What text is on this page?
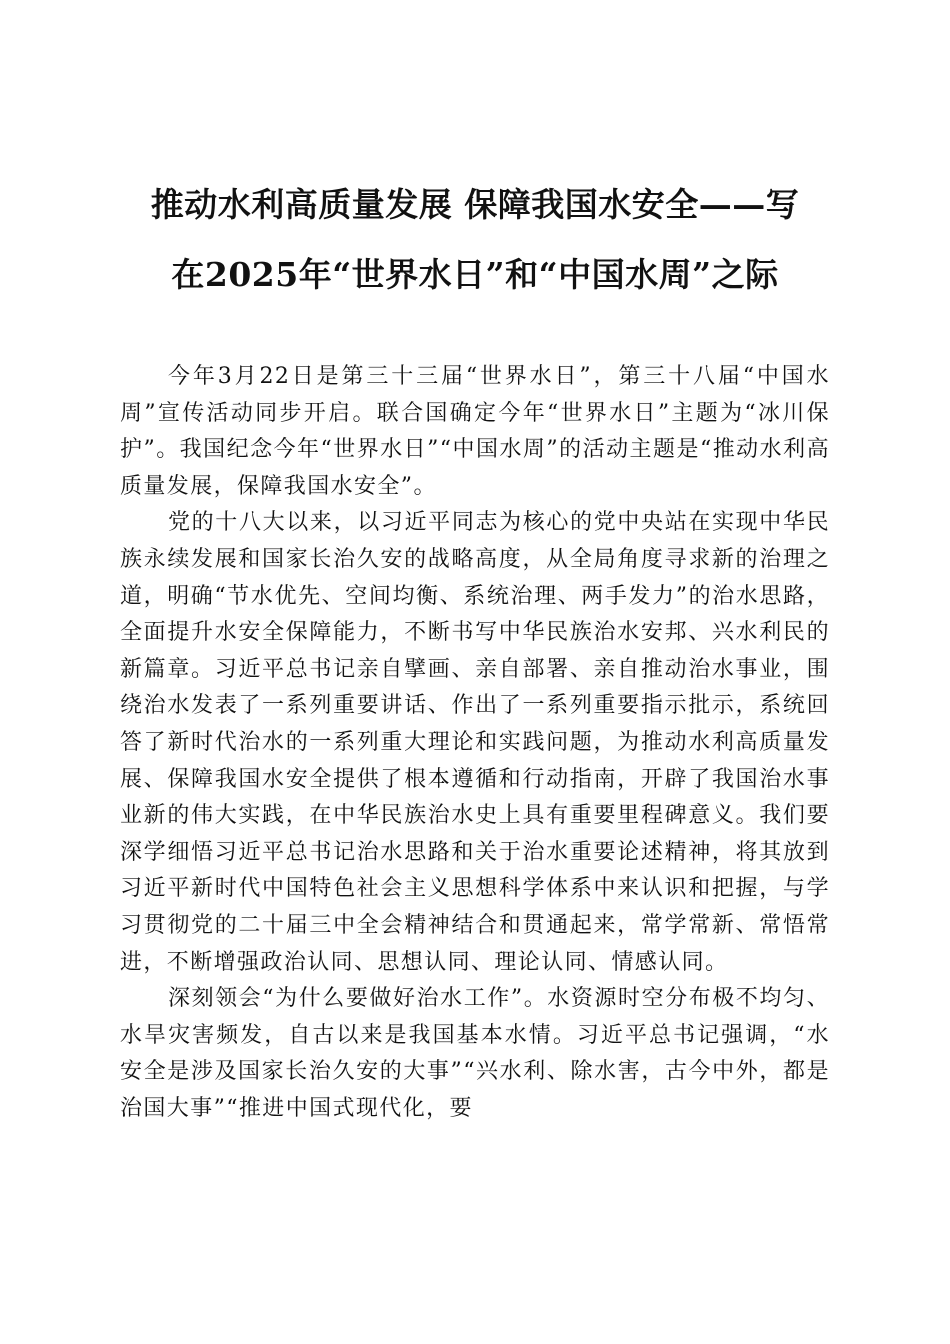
推动水利高质量发展 保障我国水安全——写
在2025年“世界水日”和“中国水周”之际

今年3月22日是第三十三届“世界水日”，第三十八届“中国水周”宣传活动同步开启。联合国确定今年“世界水日”主题为“冰川保护”。我国纪念今年“世界水日”“中国水周”的活动主题是“推动水利高质量发展，保障我国水安全”。

党的十八大以来，以习近平同志为核心的党中央站在实现中华民族永续发展和国家长治久安的战略高度，从全局角度寻求新的治理之道，明确“节水优先、空间均衡、系统治理、两手发力”的治水思路，全面提升水安全保障能力，不断书写中华民族治水安邦、兴水利民的新篇章。习近平总书记亲自擘画、亲自部署、亲自推动治水事业，围绕治水发表了一系列重要讲话、作出了一系列重要指示批示，系统回答了新时代治水的一系列重大理论和实践问题，为推动水利高质量发展、保障我国水安全提供了根本遵循和行动指南，开辟了我国治水事业新的伟大实践，在中华民族治水史上具有重要里程碑意义。我们要深学细悟习近平总书记治水思路和关于治水重要论述精神，将其放到习近平新时代中国特色社会主义思想科学体系中来认识和把握，与学习贯彻党的二十届三中全会精神结合和贯通起来，常学常新、常悟常进，不断增强政治认同、思想认同、理论认同、情感认同。

深刻领会“为什么要做好治水工作”。水资源时空分布极不均匀、水旱灾害频发，自古以来是我国基本水情。习近平总书记强调，“水安全是涉及国家长治久安的大事”“兴水利、除水害，古今中外，都是治国大事”“推进中国式现代化，要
